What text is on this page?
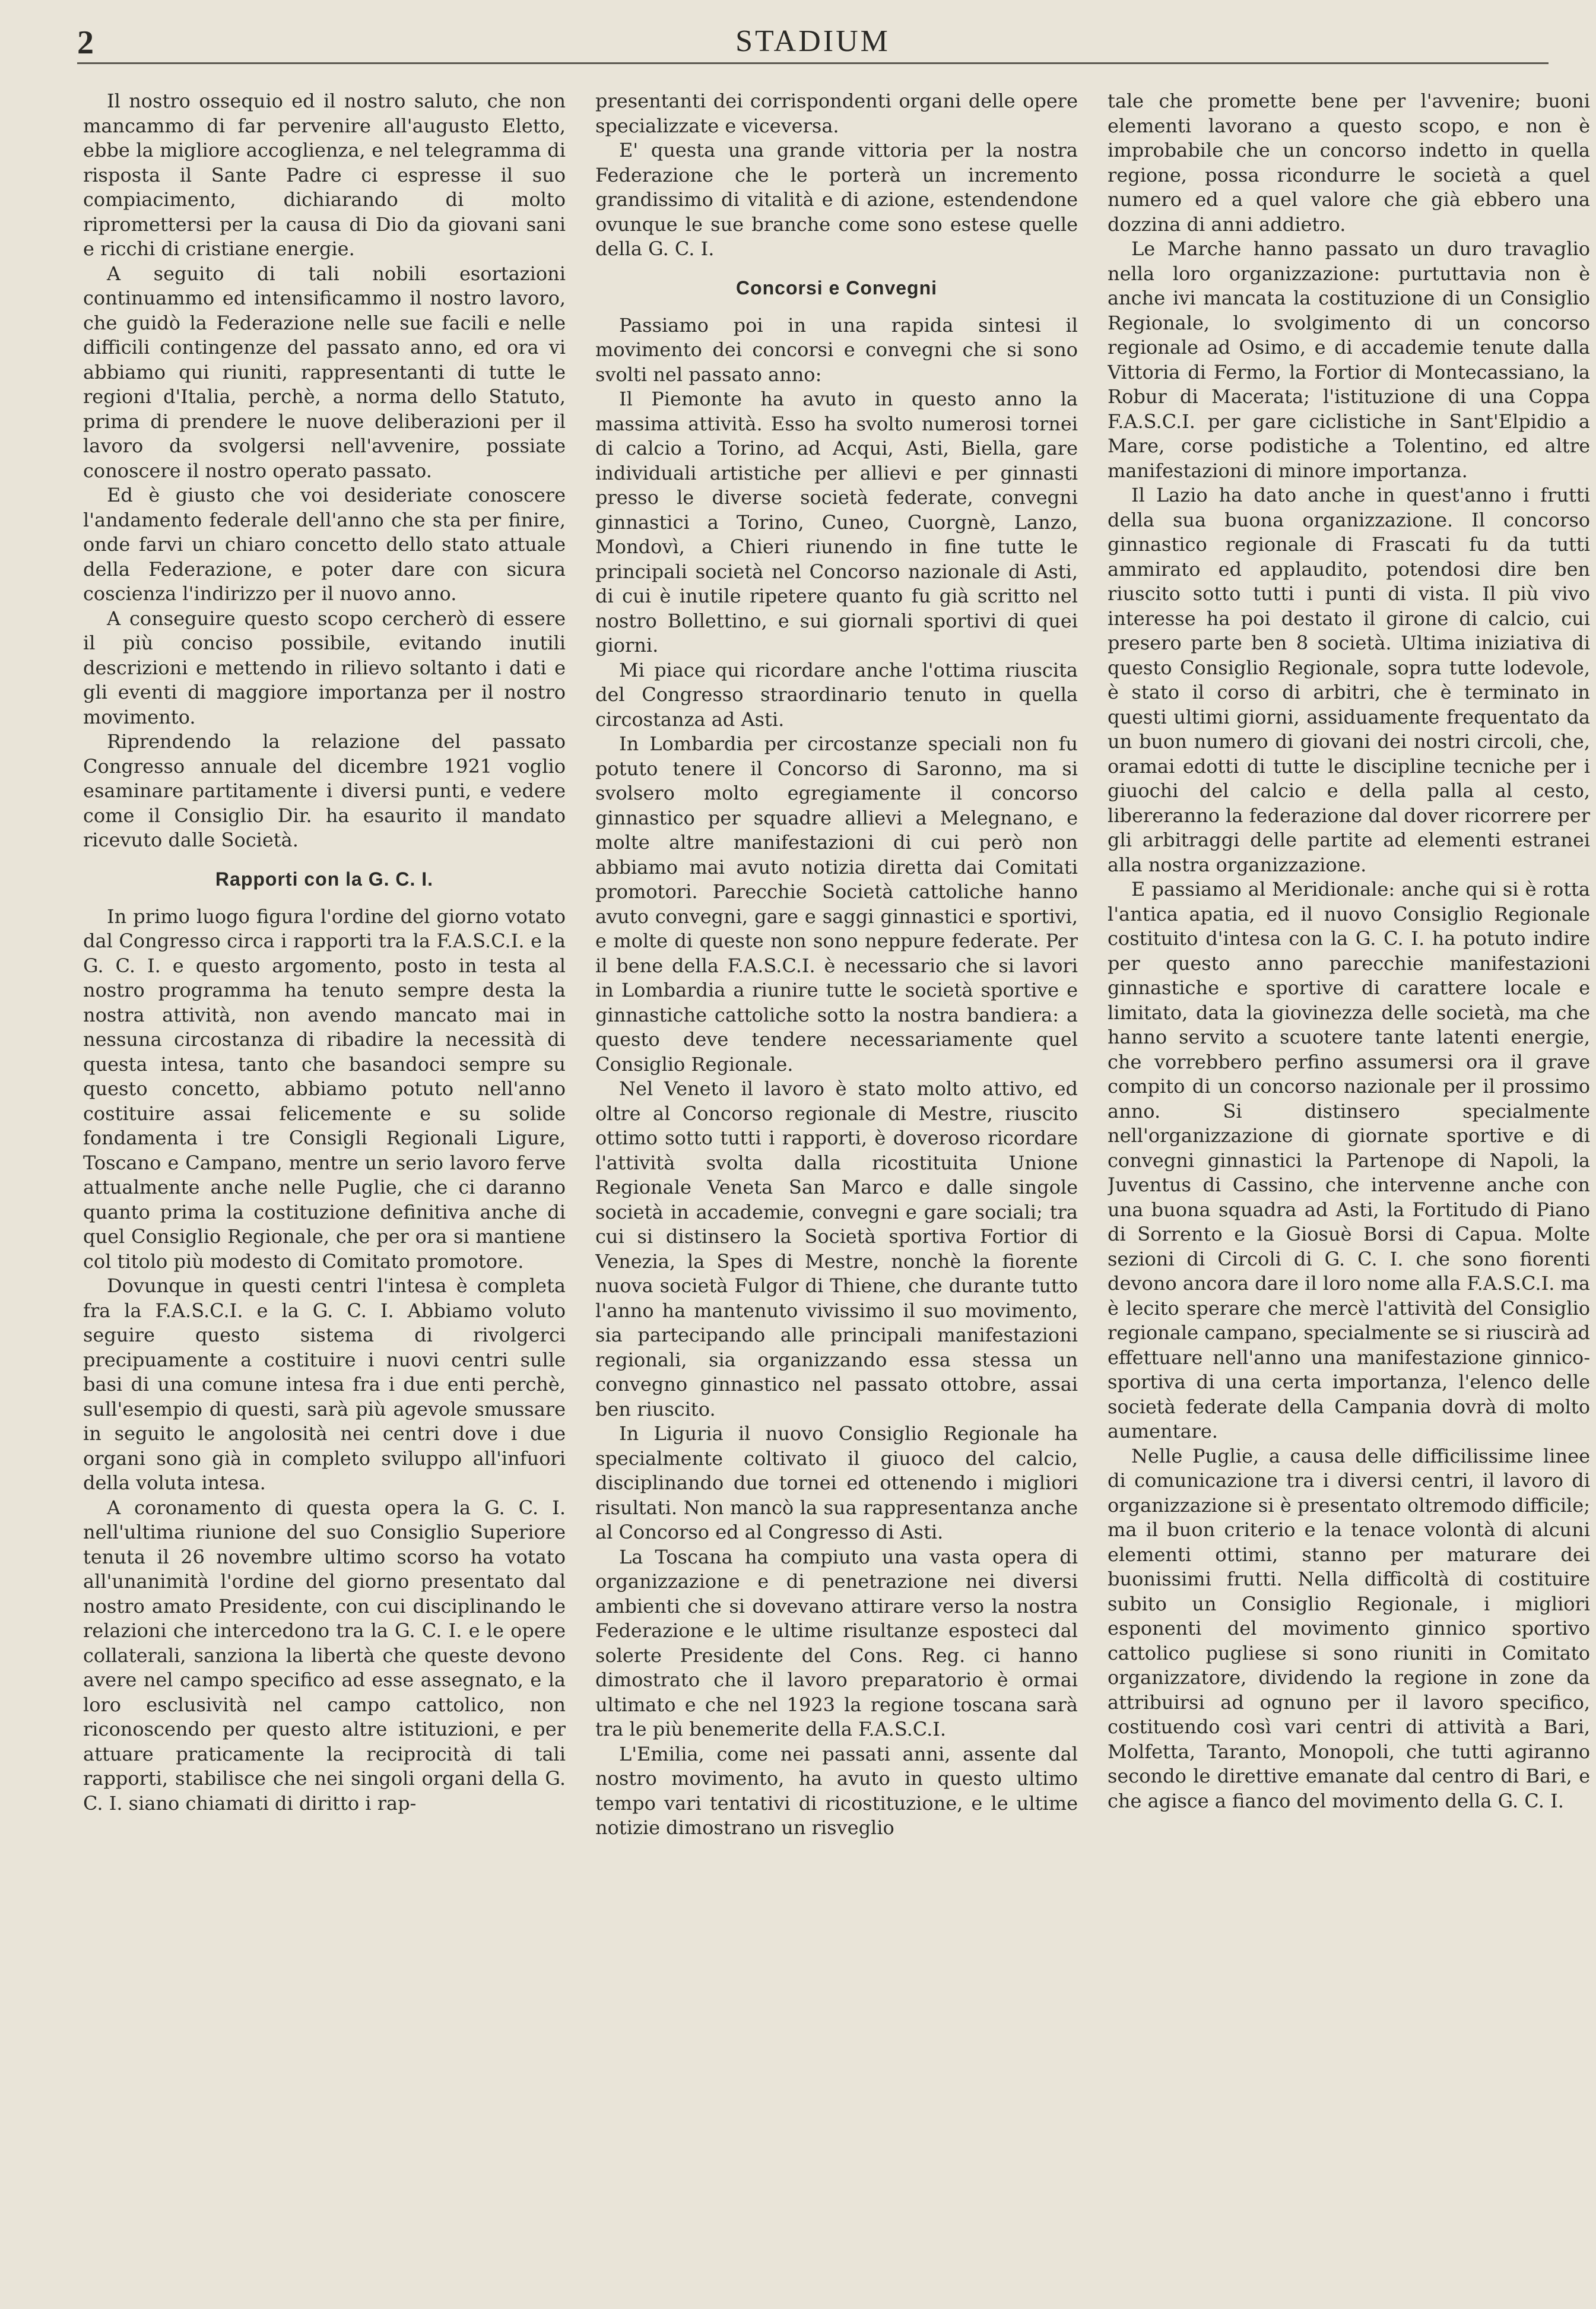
2	STADIUM

Il nostro ossequio ed il nostro saluto, che non mancammo di far pervenire all'augusto Eletto, ebbe la migliore accoglienza, e nel telegramma di risposta il Sante Padre ci espresse il suo compiacimento, dichiarando di molto ripromettersi per la causa di Dio da giovani sani e ricchi di cristiane energie.

A seguito di tali nobili esortazioni continuammo ed intensificammo il nostro lavoro, che guidò la Federazione nelle sue facili e nelle difficili contingenze del passato anno, ed ora vi abbiamo qui riuniti, rappresentanti di tutte le regioni d'Italia, perchè, a norma dello Statuto, prima di prendere le nuove deliberazioni per il lavoro da svolgersi nell'avvenire, possiate conoscere il nostro operato passato.

Ed è giusto che voi desideriate conoscere l'andamento federale dell'anno che sta per finire, onde farvi un chiaro concetto dello stato attuale della Federazione, e poter dare con sicura coscienza l'indirizzo per il nuovo anno.

A conseguire questo scopo cercherò di essere il più conciso possibile, evitando inutili descrizioni e mettendo in rilievo soltanto i dati e gli eventi di maggiore importanza per il nostro movimento.

Riprendendo la relazione del passato Congresso annuale del dicembre 1921 voglio esaminare partitamente i diversi punti, e vedere come il Consiglio Dir. ha esaurito il mandato ricevuto dalle Società.

Rapporti con la G. C. I.

In primo luogo figura l'ordine del giorno votato dal Congresso circa i rapporti tra la F.A.S.C.I. e la G. C. I. e questo argomento, posto in testa al nostro programma ha tenuto sempre desta la nostra attività, non avendo mancato mai in nessuna circostanza di ribadire la necessità di questa intesa, tanto che basandoci sempre su questo concetto, abbiamo potuto nell'anno costituire assai felicemente e su solide fondamenta i tre Consigli Regionali Ligure, Toscano e Campano, mentre un serio lavoro ferve attualmente anche nelle Puglie, che ci daranno quanto prima la costituzione definitiva anche di quel Consiglio Regionale, che per ora si mantiene col titolo più modesto di Comitato promotore.

Dovunque in questi centri l'intesa è completa fra la F.A.S.C.I. e la G. C. I. Abbiamo voluto seguire questo sistema di rivolgerci precipuamente a costituire i nuovi centri sulle basi di una comune intesa fra i due enti perchè, sull'esempio di questi, sarà più agevole smussare in seguito le angolosità nei centri dove i due organi sono già in completo sviluppo all'infuori della voluta intesa.

A coronamento di questa opera la G. C. I. nell'ultima riunione del suo Consiglio Superiore tenuta il 26 novembre ultimo scorso ha votato all'unanimità l'ordine del giorno presentato dal nostro amato Presidente, con cui disciplinando le relazioni che intercedono tra la G. C. I. e le opere collaterali, sanziona la libertà che queste devono avere nel campo specifico ad esse assegnato, e la loro esclusività nel campo cattolico, non riconoscendo per questo altre istituzioni, e per attuare praticamente la reciprocità di tali rapporti, stabilisce che nei singoli organi della G. C. I. siano chiamati di diritto i rap-

presentanti dei corrispondenti organi delle opere specializzate e viceversa.

E' questa una grande vittoria per la nostra Federazione che le porterà un incremento grandissimo di vitalità e di azione, estendendone ovunque le sue branche come sono estese quelle della G. C. I.

Concorsi e Convegni

Passiamo poi in una rapida sintesi il movimento dei concorsi e convegni che si sono svolti nel passato anno:

Il Piemonte ha avuto in questo anno la massima attività. Esso ha svolto numerosi tornei di calcio a Torino, ad Acqui, Asti, Biella, gare individuali artistiche per allievi e per ginnasti presso le diverse società federate, convegni ginnastici a Torino, Cuneo, Cuorgnè, Lanzo, Mondovì, a Chieri riunendo in fine tutte le principali società nel Concorso nazionale di Asti, di cui è inutile ripetere quanto fu già scritto nel nostro Bollettino, e sui giornali sportivi di quei giorni.

Mi piace qui ricordare anche l'ottima riuscita del Congresso straordinario tenuto in quella circostanza ad Asti.

In Lombardia per circostanze speciali non fu potuto tenere il Concorso di Saronno, ma si svolsero molto egregiamente il concorso ginnastico per squadre allievi a Melegnano, e molte altre manifestazioni di cui però non abbiamo mai avuto notizia diretta dai Comitati promotori. Parecchie Società cattoliche hanno avuto convegni, gare e saggi ginnastici e sportivi, e molte di queste non sono neppure federate. Per il bene della F.A.S.C.I. è necessario che si lavori in Lombardia a riunire tutte le società sportive e ginnastiche cattoliche sotto la nostra bandiera: a questo deve tendere necessariamente quel Consiglio Regionale.

Nel Veneto il lavoro è stato molto attivo, ed oltre al Concorso regionale di Mestre, riuscito ottimo sotto tutti i rapporti, è doveroso ricordare l'attività svolta dalla ricostituita Unione Regionale Veneta San Marco e dalle singole società in accademie, convegni e gare sociali; tra cui si distinsero la Società sportiva Fortior di Venezia, la Spes di Mestre, nonchè la fiorente nuova società Fulgor di Thiene, che durante tutto l'anno ha mantenuto vivissimo il suo movimento, sia partecipando alle principali manifestazioni regionali, sia organizzando essa stessa un convegno ginnastico nel passato ottobre, assai ben riuscito.

In Liguria il nuovo Consiglio Regionale ha specialmente coltivato il giuoco del calcio, disciplinando due tornei ed ottenendo i migliori risultati. Non mancò la sua rappresentanza anche al Concorso ed al Congresso di Asti.

La Toscana ha compiuto una vasta opera di organizzazione e di penetrazione nei diversi ambienti che si dovevano attirare verso la nostra Federazione e le ultime risultanze esposteci dal solerte Presidente del Cons. Reg. ci hanno dimostrato che il lavoro preparatorio è ormai ultimato e che nel 1923 la regione toscana sarà tra le più benemerite della F.A.S.C.I.

L'Emilia, come nei passati anni, assente dal nostro movimento, ha avuto in questo ultimo tempo vari tentativi di ricostituzione, e le ultime notizie dimostrano un risveglio

tale che promette bene per l'avvenire; buoni elementi lavorano a questo scopo, e non è improbabile che un concorso indetto in quella regione, possa ricondurre le società a quel numero ed a quel valore che già ebbero una dozzina di anni addietro.

Le Marche hanno passato un duro travaglio nella loro organizzazione: purtuttavia non è anche ivi mancata la costituzione di un Consiglio Regionale, lo svolgimento di un concorso regionale ad Osimo, e di accademie tenute dalla Vittoria di Fermo, la Fortior di Montecassiano, la Robur di Macerata; l'istituzione di una Coppa F.A.S.C.I. per gare ciclistiche in Sant'Elpidio a Mare, corse podistiche a Tolentino, ed altre manifestazioni di minore importanza.

Il Lazio ha dato anche in quest'anno i frutti della sua buona organizzazione. Il concorso ginnastico regionale di Frascati fu da tutti ammirato ed applaudito, potendosi dire ben riuscito sotto tutti i punti di vista. Il più vivo interesse ha poi destato il girone di calcio, cui presero parte ben 8 società. Ultima iniziativa di questo Consiglio Regionale, sopra tutte lodevole, è stato il corso di arbitri, che è terminato in questi ultimi giorni, assiduamente frequentato da un buon numero di giovani dei nostri circoli, che, oramai edotti di tutte le discipline tecniche per i giuochi del calcio e della palla al cesto, libereranno la federazione dal dover ricorrere per gli arbitraggi delle partite ad elementi estranei alla nostra organizzazione.

E passiamo al Meridionale: anche qui si è rotta l'antica apatia, ed il nuovo Consiglio Regionale costituito d'intesa con la G. C. I. ha potuto indire per questo anno parecchie manifestazioni ginnastiche e sportive di carattere locale e limitato, data la giovinezza delle società, ma che hanno servito a scuotere tante latenti energie, che vorrebbero perfino assumersi ora il grave compito di un concorso nazionale per il prossimo anno. Si distinsero specialmente nell'organizzazione di giornate sportive e di convegni ginnastici la Partenope di Napoli, la Juventus di Cassino, che intervenne anche con una buona squadra ad Asti, la Fortitudo di Piano di Sorrento e la Giosuè Borsi di Capua. Molte sezioni di Circoli di G. C. I. che sono fiorenti devono ancora dare il loro nome alla F.A.S.C.I. ma è lecito sperare che mercè l'attività del Consiglio regionale campano, specialmente se si riuscirà ad effettuare nell'anno una manifestazione ginnico-sportiva di una certa importanza, l'elenco delle società federate della Campania dovrà di molto aumentare.

Nelle Puglie, a causa delle difficilissime linee di comunicazione tra i diversi centri, il lavoro di organizzazione si è presentato oltremodo difficile; ma il buon criterio e la tenace volontà di alcuni elementi ottimi, stanno per maturare dei buonissimi frutti. Nella difficoltà di costituire subito un Consiglio Regionale, i migliori esponenti del movimento ginnico sportivo cattolico pugliese si sono riuniti in Comitato organizzatore, dividendo la regione in zone da attribuirsi ad ognuno per il lavoro specifico, costituendo così vari centri di attività a Bari, Molfetta, Taranto, Monopoli, che tutti agiranno secondo le direttive emanate dal centro di Bari, e che agisce a fianco del movimento della G. C. I.
